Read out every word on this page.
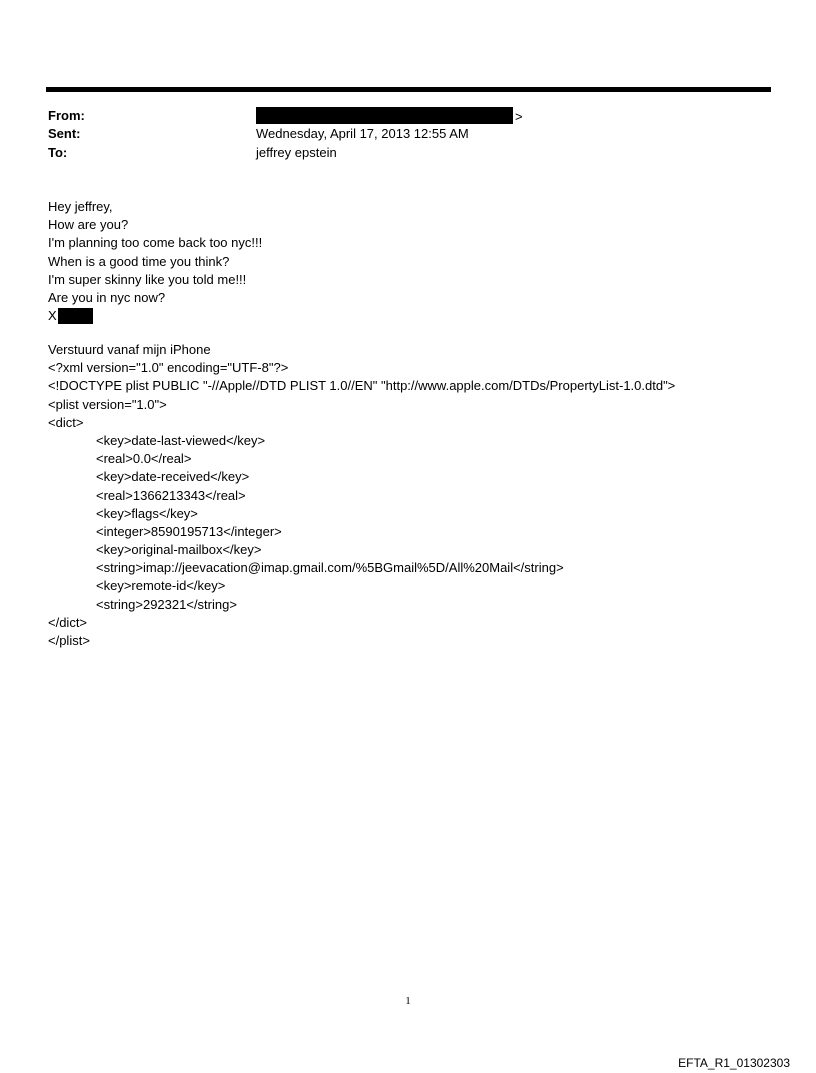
From:	>
Sent:	Wednesday, April 17, 2013 12:55 AM
To:	jeffrey epstein
Hey jeffrey,
How are you?
I'm planning too come back too nyc!!!
When is a good time you think?
I'm super skinny like you told me!!!
Are you in nyc now?
X
Verstuurd vanaf mijn iPhone
<?xml version="1.0" encoding="UTF-8"?>
<!DOCTYPE plist PUBLIC "-//Apple//DTD PLIST 1.0//EN" "http://www.apple.com/DTDs/PropertyList-1.0.dtd">
<plist version="1.0">
<dict>
<key>date-last-viewed</key>
<real>0.0</real>
<key>date-received</key>
<real>1366213343</real>
<key>flags</key>
<integer>8590195713</integer>
<key>original-mailbox</key>
<string>imap://jeevacation@imap.gmail.com/%5BGmail%5D/All%20Mail</string>
<key>remote-id</key>
<string>292321</string>
</dict>
</plist>
1
EFTA_R1_01302303
